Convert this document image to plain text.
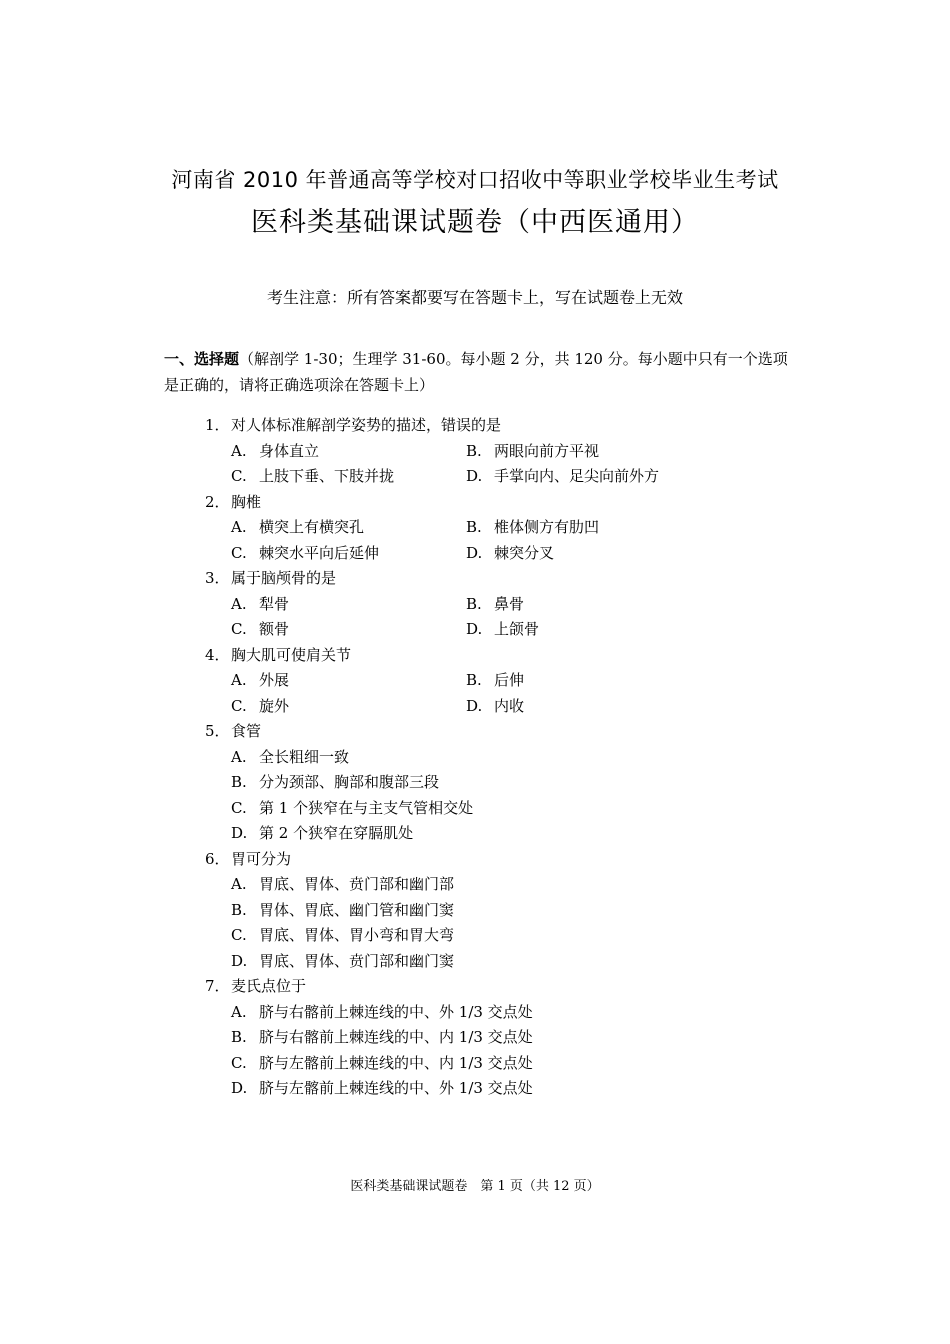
河南省 2010 年普通高等学校对口招收中等职业学校毕业生考试
医科类基础课试题卷（中西医通用）
考生注意：所有答案都要写在答题卡上，写在试题卷上无效
一、选择题（解剖学 1-30；生理学 31-60。每小题 2 分，共 120 分。每小题中只有一个选项是正确的，请将正确选项涂在答题卡上）
1．对人体标准解剖学姿势的描述，错误的是
A. 身体直立	B. 两眼向前方平视
C. 上肢下垂、下肢并拢	D. 手掌向内、足尖向前外方
2．胸椎
A. 横突上有横突孔	B. 椎体侧方有肋凹
C. 棘突水平向后延伸	D. 棘突分叉
3．属于脑颅骨的是
A. 犁骨	B. 鼻骨
C. 额骨	D. 上颌骨
4．胸大肌可使肩关节
A. 外展	B. 后伸
C. 旋外	D. 内收
5．食管
A. 全长粗细一致
B. 分为颈部、胸部和腹部三段
C. 第 1 个狭窄在与主支气管相交处
D. 第 2 个狭窄在穿膈肌处
6．胃可分为
A. 胃底、胃体、贲门部和幽门部
B. 胃体、胃底、幽门管和幽门窦
C. 胃底、胃体、胃小弯和胃大弯
D. 胃底、胃体、贲门部和幽门窦
7．麦氏点位于
A. 脐与右髂前上棘连线的中、外 1/3 交点处
B. 脐与右髂前上棘连线的中、内 1/3 交点处
C. 脐与左髂前上棘连线的中、内 1/3 交点处
D. 脐与左髂前上棘连线的中、外 1/3 交点处
医科类基础课试题卷　第 1 页（共 12 页）
